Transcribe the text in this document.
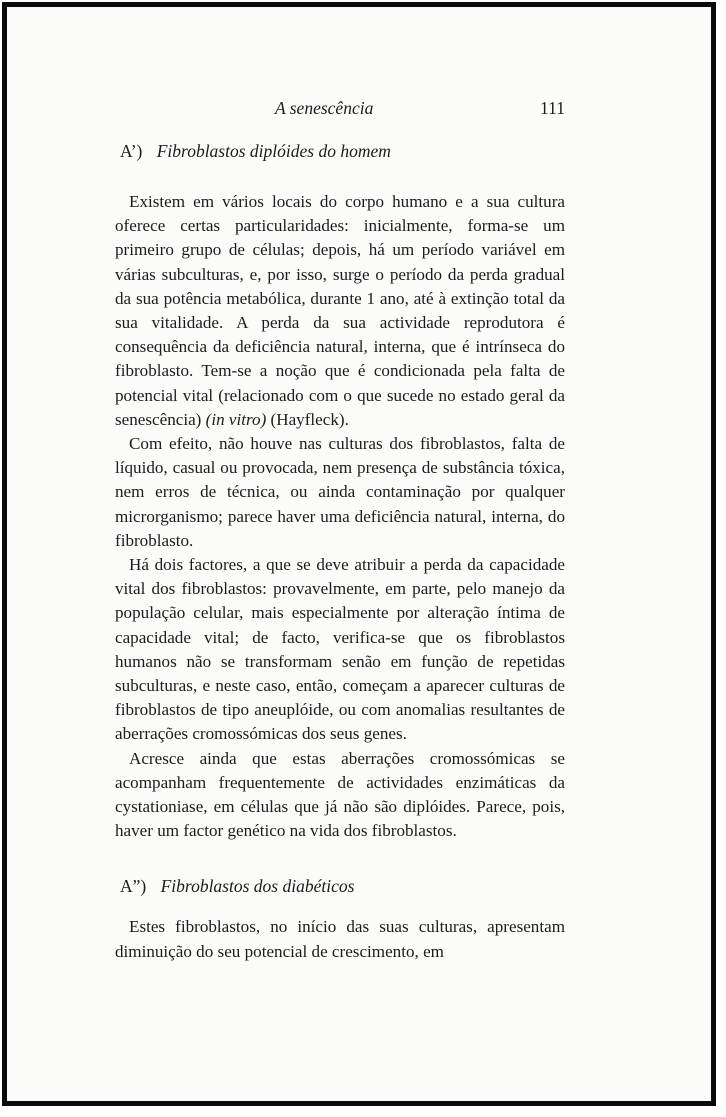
A senescência	111
A’) Fibroblastos diplóides do homem

Existem em vários locais do corpo humano e a sua cultura oferece certas particularidades: inicialmente, forma-se um primeiro grupo de células; depois, há um período variável em várias subculturas, e, por isso, surge o período da perda gradual da sua potência metabólica, durante 1 ano, até à extinção total da sua vitalidade. A perda da sua actividade reprodutora é consequência da deficiência natural, interna, que é intrínseca do fibroblasto. Tem-se a noção que é condicionada pela falta de potencial vital (relacionado com o que sucede no estado geral da senescência) (in vitro) (Hayfleck).

Com efeito, não houve nas culturas dos fibroblastos, falta de líquido, casual ou provocada, nem presença de substância tóxica, nem erros de técnica, ou ainda contaminação por qualquer microrganismo; parece haver uma deficiência natural, interna, do fibroblasto.

Há dois factores, a que se deve atribuir a perda da capacidade vital dos fibroblastos: provavelmente, em parte, pelo manejo da população celular, mais especialmente por alteração íntima de capacidade vital; de facto, verifica-se que os fibroblastos humanos não se transformam senão em função de repetidas subculturas, e neste caso, então, começam a aparecer culturas de fibroblastos de tipo aneuplóide, ou com anomalias resultantes de aberrações cromossómicas dos seus genes.

Acresce ainda que estas aberrações cromossómicas se acompanham frequentemente de actividades enzimáticas da cystationiase, em células que já não são diplóides. Parece, pois, haver um factor genético na vida dos fibroblastos.

A”) Fibroblastos dos diabéticos

Estes fibroblastos, no início das suas culturas, apresentam diminuição do seu potencial de crescimento, em
